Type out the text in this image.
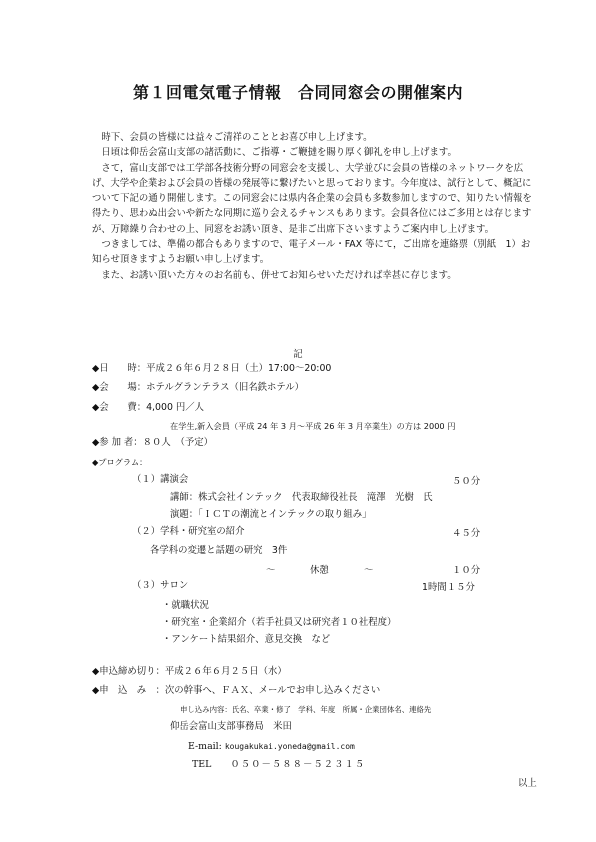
第１回電気電子情報　合同同窓会の開催案内

時下、会員の皆様には益々ご清祥のこととお喜び申し上げます。

日頃は仰岳会富山支部の諸活動に、ご指導・ご鞭撻を賜り厚く御礼を申し上げます。

さて，富山支部では工学部各技術分野の同窓会を支援し、大学並びに会員の皆様のネットワークを広げ、大学や企業および会員の皆様の発展等に繋げたいと思っております。今年度は、試行として、概記について下記の通り開催します。この同窓会には県内各企業の会員も多数参加しますので、知りたい情報を得たり、思わぬ出会いや新たな同期に巡り会えるチャンスもあります。会員各位にはご多用とは存じますが、万障繰り合わせの上、同窓をお誘い頂き、是非ご出席下さいますようご案内申し上げます。

つきましては、準備の都合もありますので、電子メール・FAX 等にて，ご出席を連絡票（別紙　1）お知らせ頂きますようお願い申し上げます。

また、お誘い頂いた方々のお名前も、併せてお知らせいただければ幸甚に存じます。

記
◆日　　時：平成２６年６月２８日（土）17:00～20:00
◆会　　場：ホテルグランテラス（旧名鉄ホテル）
◆会　　費：4,000 円／人
在学生,新入会員（平成 24 年 3 月～平成 26 年 3 月卒業生）の方は 2000 円
◆参 加 者：８０人　（予定）
◆プログラム：
（１）講演会	５０分
講師：株式会社インテック　代表取締役社長　滝澤　光樹　氏
演題：「ＩＣＴの潮流とインテックの取り組み」
（２）学科・研究室の紹介	４５分
各学科の変遷と話題の研究　3件
～	休憩	～	１０分
（３）サロン	1時間１５分
・就職状況
・研究室・企業紹介（若手社員又は研究者１０社程度）
・アンケート結果紹介、意見交換　など
◆申込締め切り：平成２６年６月２５日（水）
◆申　込　み　：次の幹事へ、ＦＡＸ、メールでお申し込みください
申し込み内容：氏名、卒業・修了　学科、年度　所属・企業団体名、連絡先
仰岳会富山支部事務局　米田
E-mail: kougakukai.yoneda@gmail.com
TEL ０５０－５８８－５２３１５
以上
